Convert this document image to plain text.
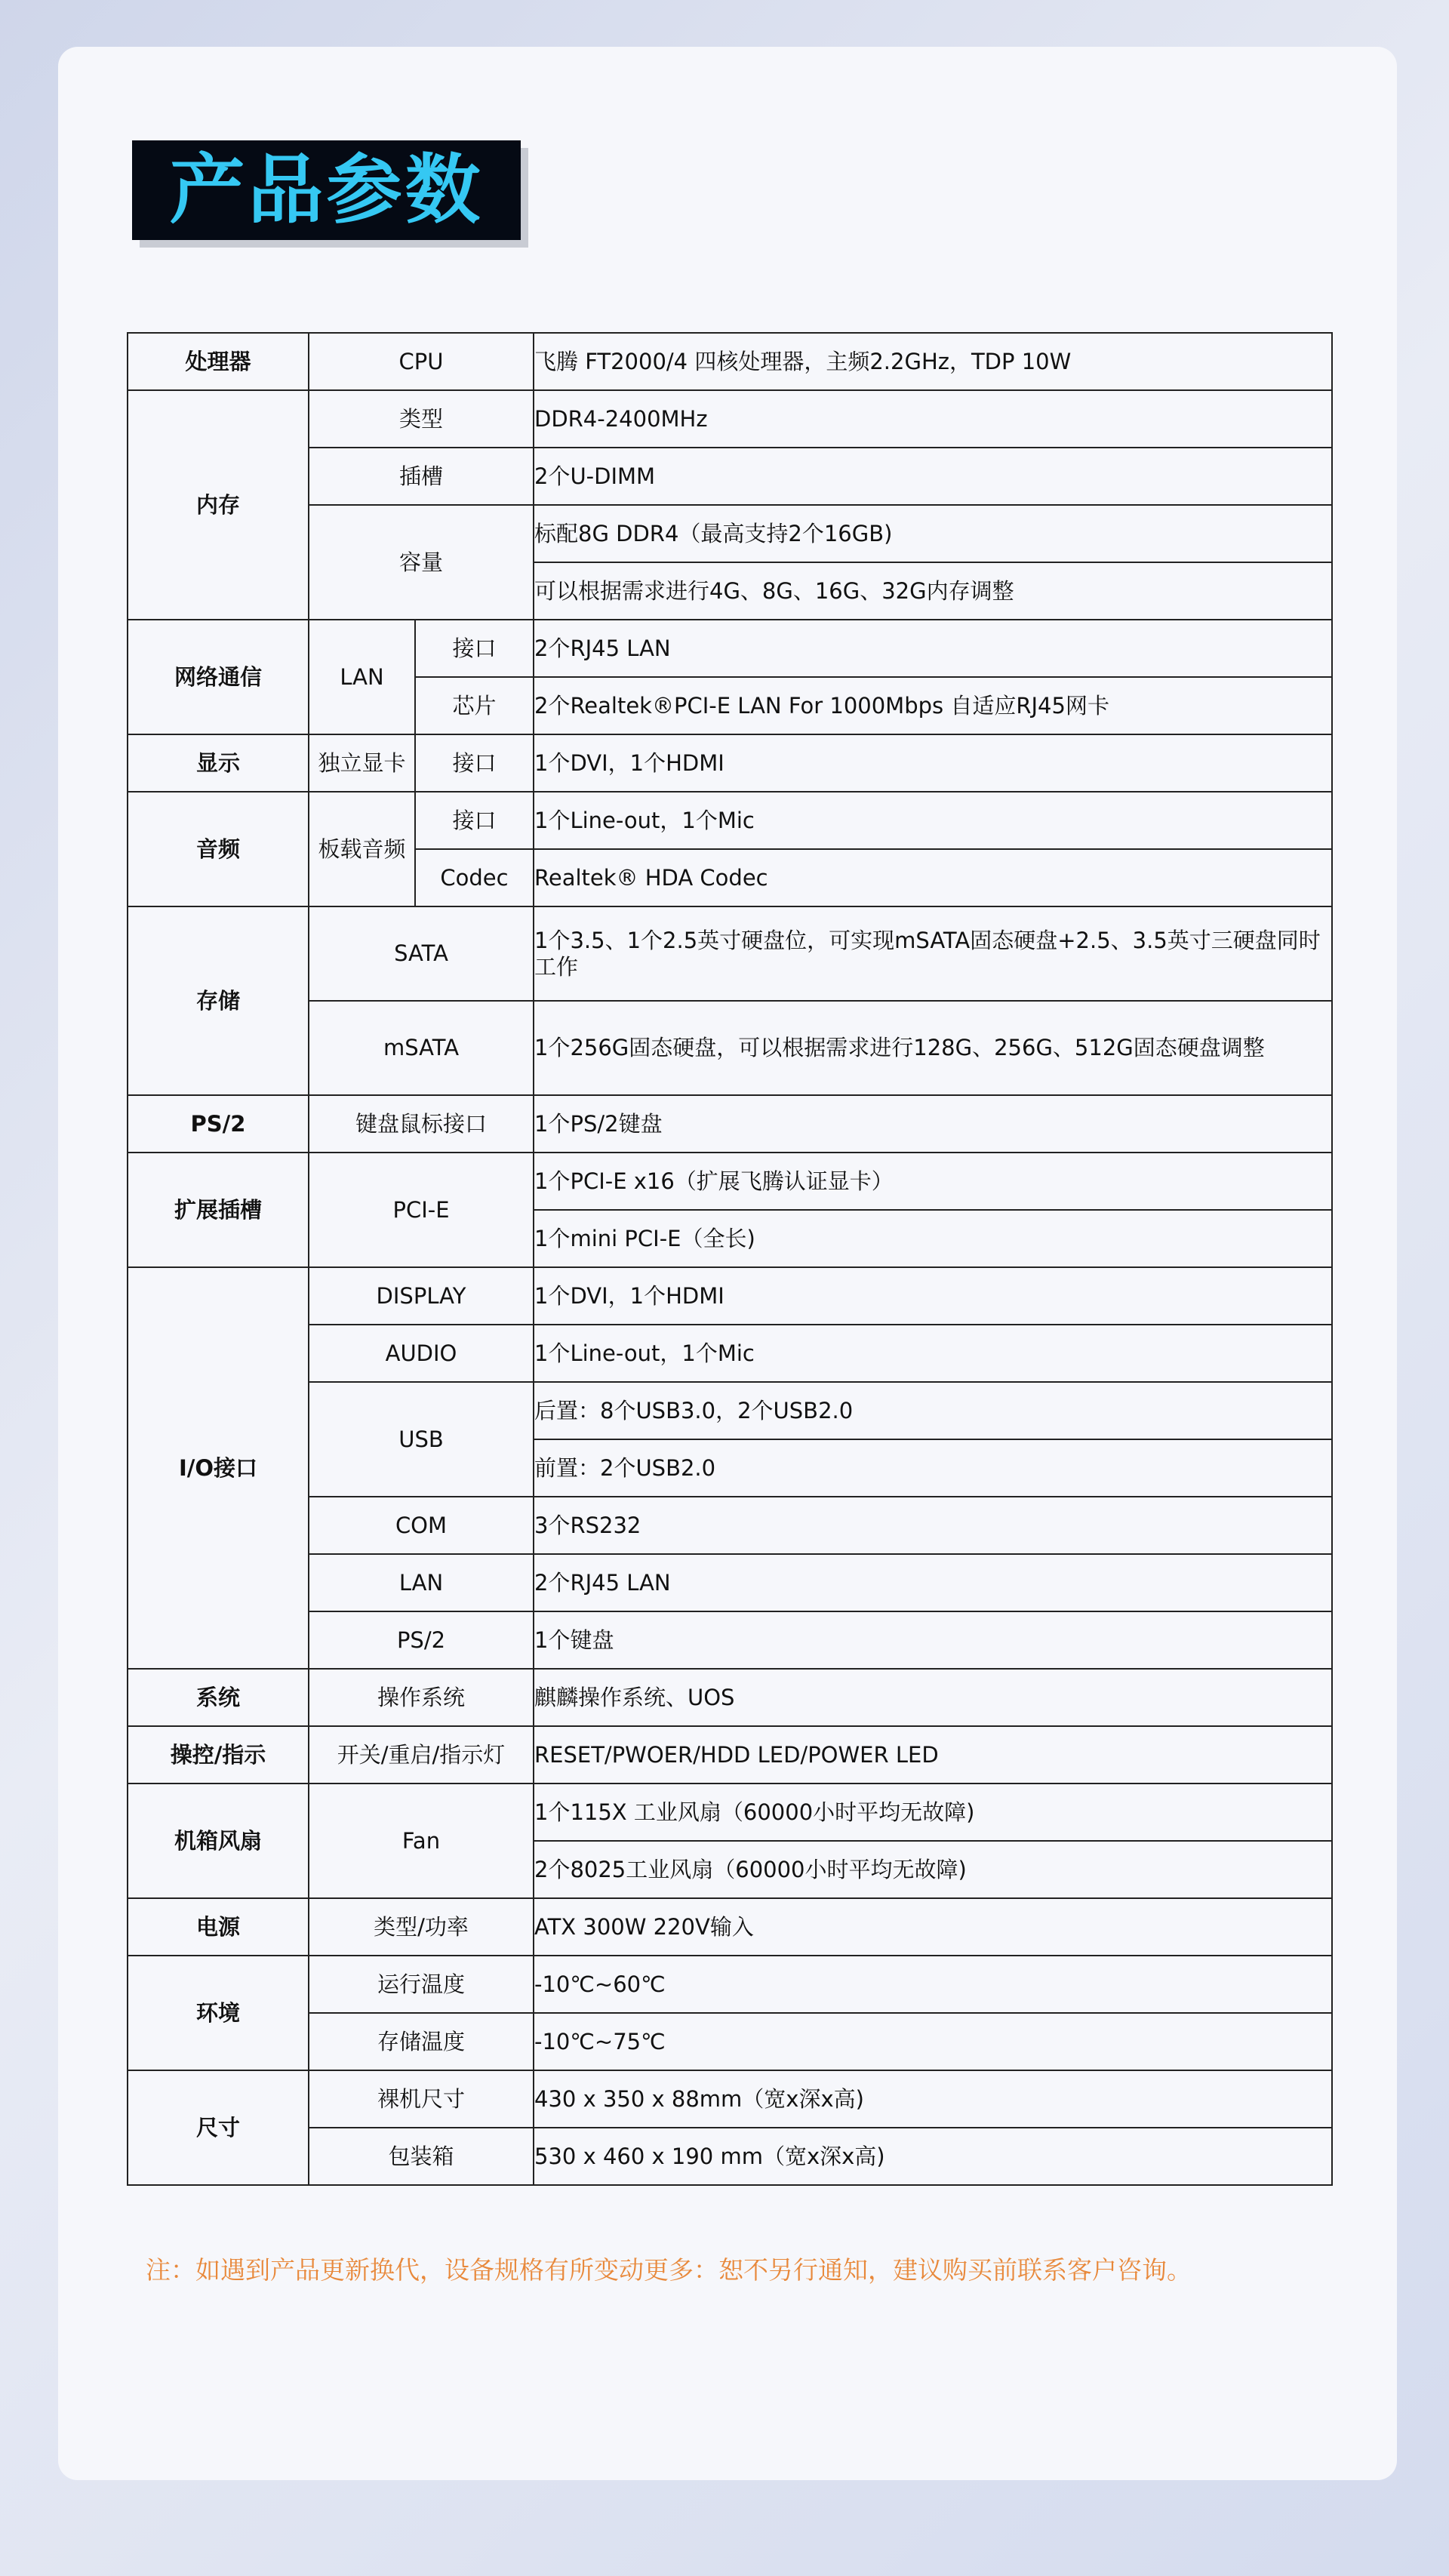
产品参数
处理器	CPU		飞腾 FT2000/4 四核处理器，主频2.2GHz，TDP 10W
内存	类型		DDR4-2400MHz
	插槽		2个U-DIMM
	容量		标配8G DDR4（最高支持2个16GB)
			可以根据需求进行4G、8G、16G、32G内存调整
网络通信	LAN	接口	2个RJ45 LAN
		芯片	2个Realtek®PCI-E LAN For 1000Mbps 自适应RJ45网卡
显示	独立显卡	接口	1个DVI，1个HDMI
音频	板载音频	接口	1个Line-out，1个Mic
		Codec	Realtek® HDA Codec
存储	SATA		1个3.5、1个2.5英寸硬盘位，可实现mSATA固态硬盘+2.5、3.5英寸三硬盘同时工作
	mSATA		1个256G固态硬盘，可以根据需求进行128G、256G、512G固态硬盘调整
PS/2	键盘鼠标接口		1个PS/2键盘
扩展插槽	PCI-E		1个PCI-E x16（扩展飞腾认证显卡）
			1个mini PCI-E（全长)
I/O接口	DISPLAY		1个DVI，1个HDMI
	AUDIO		1个Line-out，1个Mic
	USB		后置：8个USB3.0，2个USB2.0
			前置：2个USB2.0
	COM		3个RS232
	LAN		2个RJ45 LAN
	PS/2		1个键盘
系统	操作系统		麒麟操作系统、UOS
操控/指示	开关/重启/指示灯		RESET/PWOER/HDD LED/POWER LED
机箱风扇	Fan		1个115X 工业风扇（60000小时平均无故障)
			2个8025工业风扇（60000小时平均无故障)
电源	类型/功率		ATX 300W 220V输入
环境	运行温度		-10℃~60℃
	存储温度		-10℃~75℃
尺寸	裸机尺寸		430 x 350 x 88mm（宽x深x高)
	包装箱		530 x 460 x 190 mm（宽x深x高)
注：如遇到产品更新换代，设备规格有所变动更多：恕不另行通知，建议购买前联系客户咨询。
